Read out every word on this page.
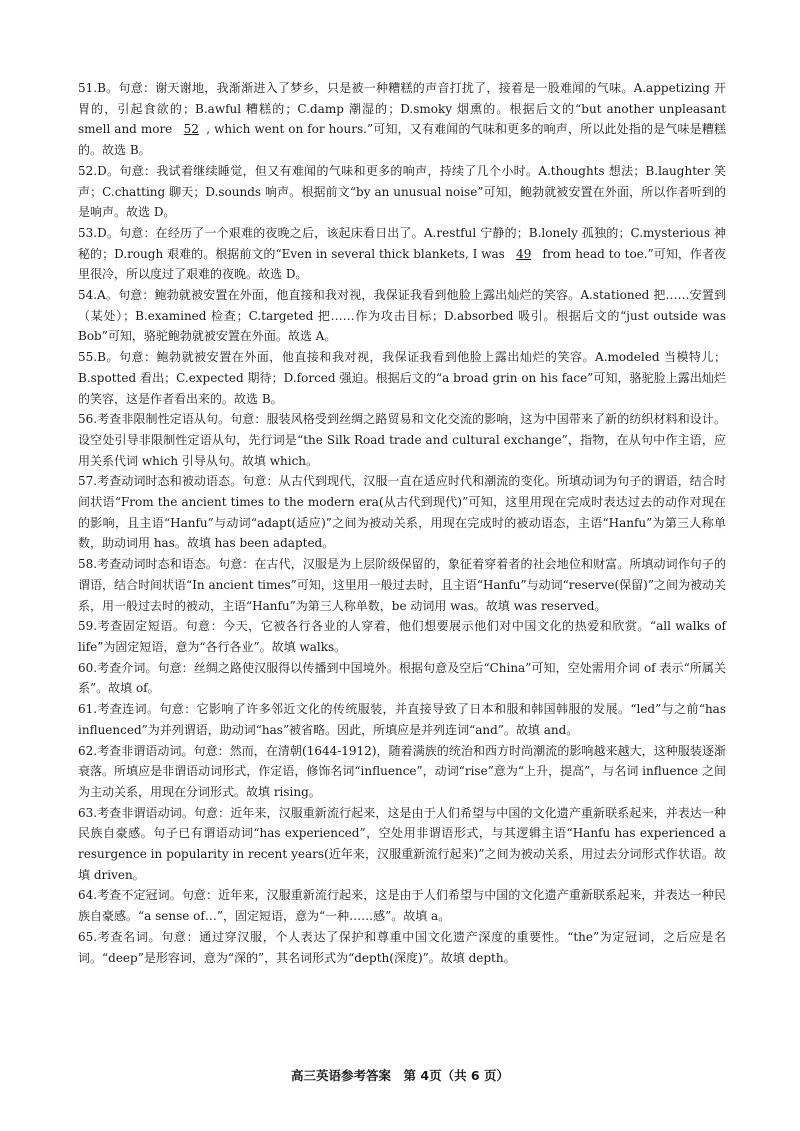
51.B。句意：谢天谢地，我渐渐进入了梦乡，只是被一种糟糕的声音打扰了，接着是一股难闻的气味。A.appetizing 开胃的，引起食欲的；B.awful 糟糕的；C.damp 潮湿的；D.smoky 烟熏的。根据后文的“but another unpleasant smell and more 52 , which went on for hours.”可知，又有难闻的气味和更多的响声，所以此处指的是气味是糟糕的。故选 B。

52.D。句意：我试着继续睡觉，但又有难闻的气味和更多的响声，持续了几个小时。A.thoughts 想法；B.laughter 笑声；C.chatting 聊天；D.sounds 响声。根据前文“by an unusual noise”可知，鲍勃就被安置在外面，所以作者听到的是响声。故选 D。

53.D。句意：在经历了一个艰难的夜晚之后，该起床看日出了。A.restful 宁静的；B.lonely 孤独的；C.mysterious 神秘的；D.rough 艰难的。根据前文的“Even in several thick blankets, I was 49 from head to toe.”可知，作者夜里很冷，所以度过了艰难的夜晚。故选 D。

54.A。句意：鲍勃就被安置在外面，他直接和我对视，我保证我看到他脸上露出灿烂的笑容。A.stationed 把……安置到（某处）；B.examined 检查；C.targeted 把……作为攻击目标；D.absorbed 吸引。根据后文的“just outside was Bob”可知，骆驼鲍勃就被安置在外面。故选 A。

55.B。句意：鲍勃就被安置在外面，他直接和我对视，我保证我看到他脸上露出灿烂的笑容。A.modeled 当模特儿；B.spotted 看出；C.expected 期待；D.forced 强迫。根据后文的“a broad grin on his face”可知，骆驼脸上露出灿烂的笑容，这是作者看出来的。故选 B。

56.考查非限制性定语从句。句意：服装风格受到丝绸之路贸易和文化交流的影响，这为中国带来了新的纺织材料和设计。设空处引导非限制性定语从句，先行词是“the Silk Road trade and cultural exchange”，指物，在从句中作主语，应用关系代词 which 引导从句。故填 which。

57.考查动词时态和被动语态。句意：从古代到现代，汉服一直在适应时代和潮流的变化。所填动词为句子的谓语，结合时间状语“From the ancient times to the modern era(从古代到现代)”可知，这里用现在完成时表达过去的动作对现在的影响，且主语“Hanfu”与动词“adapt(适应)”之间为被动关系，用现在完成时的被动语态，主语“Hanfu”为第三人称单数，助动词用 has。故填 has been adapted。

58.考查动词时态和语态。句意：在古代，汉服是为上层阶级保留的，象征着穿着者的社会地位和财富。所填动词作句子的谓语，结合时间状语“In ancient times”可知，这里用一般过去时，且主语“Hanfu”与动词“reserve(保留)”之间为被动关系，用一般过去时的被动，主语“Hanfu”为第三人称单数，be 动词用 was。故填 was reserved。

59.考查固定短语。句意：今天，它被各行各业的人穿着，他们想要展示他们对中国文化的热爱和欣赏。“all walks of life”为固定短语，意为“各行各业”。故填 walks。

60.考查介词。句意：丝绸之路使汉服得以传播到中国境外。根据句意及空后“China”可知，空处需用介词 of 表示“所属关系”。故填 of。

61.考查连词。句意：它影响了许多邻近文化的传统服装，并直接导致了日本和服和韩国韩服的发展。“led”与之前“has influenced”为并列谓语，助动词“has”被省略。因此，所填应是并列连词“and”。故填 and。

62.考查非谓语动词。句意：然而，在清朝(1644-1912)，随着满族的统治和西方时尚潮流的影响越来越大，这种服装逐渐衰落。所填应是非谓语动词形式，作定语，修饰名词“influence”，动词“rise”意为“上升，提高”，与名词 influence 之间为主动关系，用现在分词形式。故填 rising。

63.考查非谓语动词。句意：近年来，汉服重新流行起来，这是由于人们希望与中国的文化遗产重新联系起来，并表达一种民族自豪感。句子已有谓语动词“has experienced”，空处用非谓语形式，与其逻辑主语“Hanfu has experienced a resurgence in popularity in recent years(近年来，汉服重新流行起来)”之间为被动关系，用过去分词形式作状语。故填 driven。

64.考查不定冠词。句意：近年来，汉服重新流行起来，这是由于人们希望与中国的文化遗产重新联系起来，并表达一种民族自豪感。“a sense of…”，固定短语，意为“一种……感”。故填 a。

65.考查名词。句意：通过穿汉服，个人表达了保护和尊重中国文化遗产深度的重要性。“the”为定冠词，之后应是名词。“deep”是形容词，意为“深的”，其名词形式为“depth(深度)”。故填 depth。

高三英语参考答案　第 4页（共 6 页）
